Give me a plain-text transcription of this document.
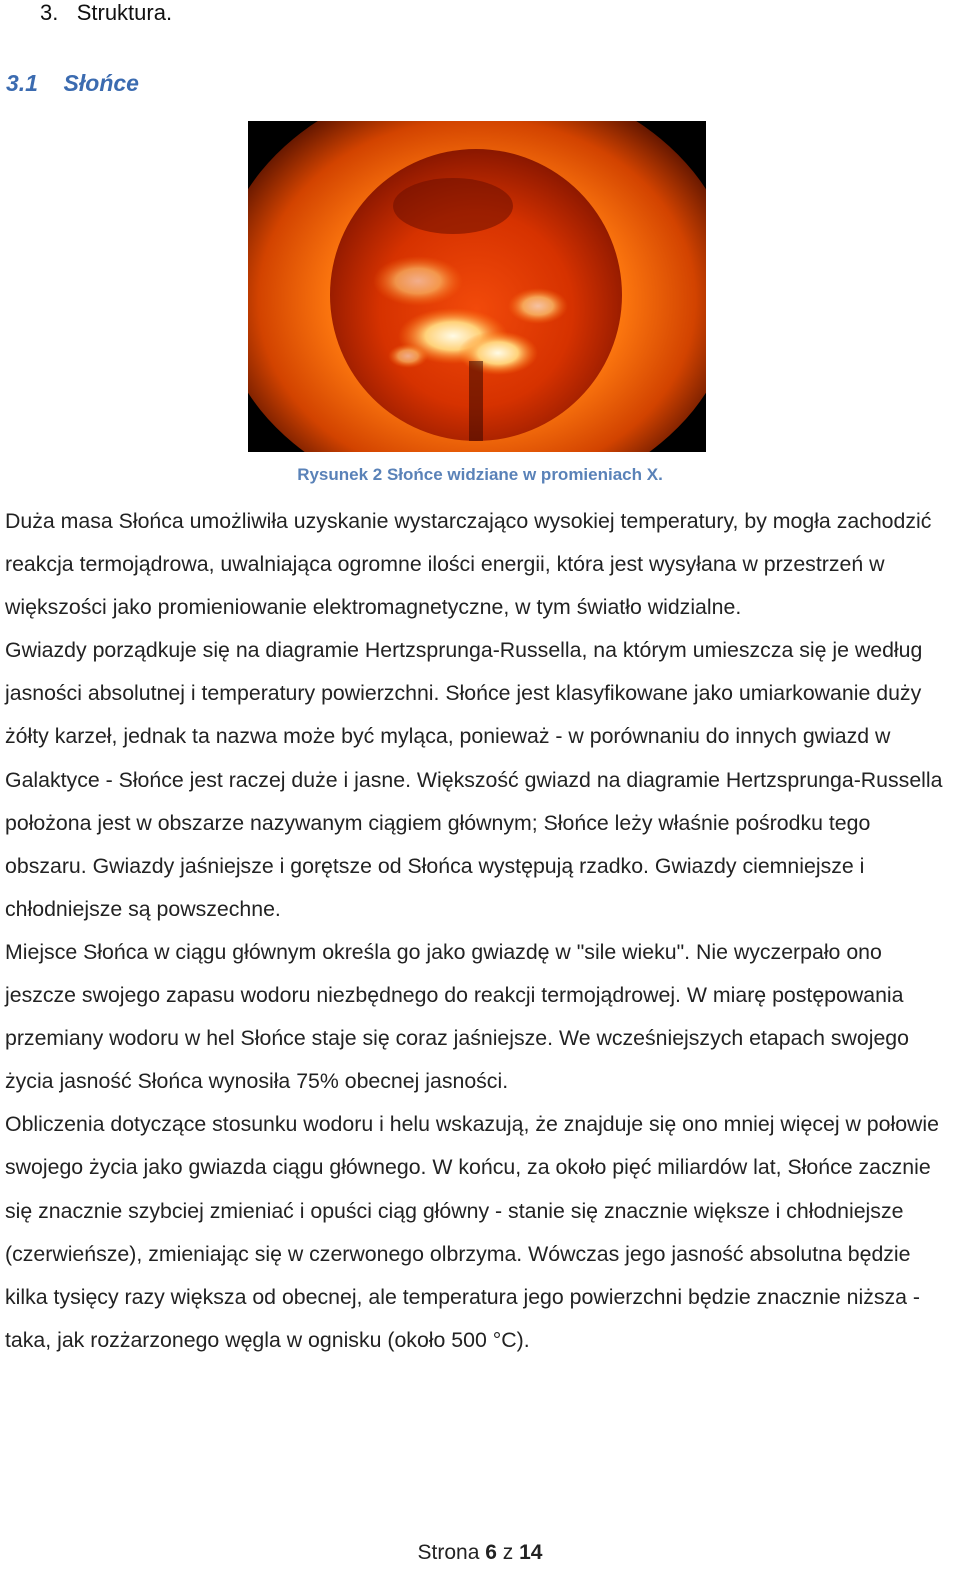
3. Struktura.
3.1 Słońce
Rysunek 2 Słońce widziane w promieniach X.

Duża masa Słońca umożliwiła uzyskanie wystarczająco wysokiej temperatury, by mogła zachodzić reakcja termojądrowa, uwalniająca ogromne ilości energii, która jest wysyłana w przestrzeń w większości jako promieniowanie elektromagnetyczne, w tym światło widzialne.

Gwiazdy porządkuje się na diagramie Hertzsprunga-Russella, na którym umieszcza się je według jasności absolutnej i temperatury powierzchni. Słońce jest klasyfikowane jako umiarkowanie duży żółty karzeł, jednak ta nazwa może być myląca, ponieważ - w porównaniu do innych gwiazd w Galaktyce - Słońce jest raczej duże i jasne. Większość gwiazd na diagramie Hertzsprunga-Russella położona jest w obszarze nazywanym ciągiem głównym; Słońce leży właśnie pośrodku tego obszaru. Gwiazdy jaśniejsze i gorętsze od Słońca występują rzadko. Gwiazdy ciemniejsze i chłodniejsze są powszechne.

Miejsce Słońca w ciągu głównym określa go jako gwiazdę w "sile wieku". Nie wyczerpało ono jeszcze swojego zapasu wodoru niezbędnego do reakcji termojądrowej. W miarę postępowania przemiany wodoru w hel Słońce staje się coraz jaśniejsze. We wcześniejszych etapach swojego życia jasność Słońca wynosiła 75% obecnej jasności.

Obliczenia dotyczące stosunku wodoru i helu wskazują, że znajduje się ono mniej więcej w połowie swojego życia jako gwiazda ciągu głównego. W końcu, za około pięć miliardów lat, Słońce zacznie się znacznie szybciej zmieniać i opuści ciąg główny - stanie się znacznie większe i chłodniejsze (czerwieńsze), zmieniając się w czerwonego olbrzyma. Wówczas jego jasność absolutna będzie kilka tysięcy razy większa od obecnej, ale temperatura jego powierzchni będzie znacznie niższa - taka, jak rozżarzonego węgla w ognisku (około 500 °C).

Strona 6 z 14
